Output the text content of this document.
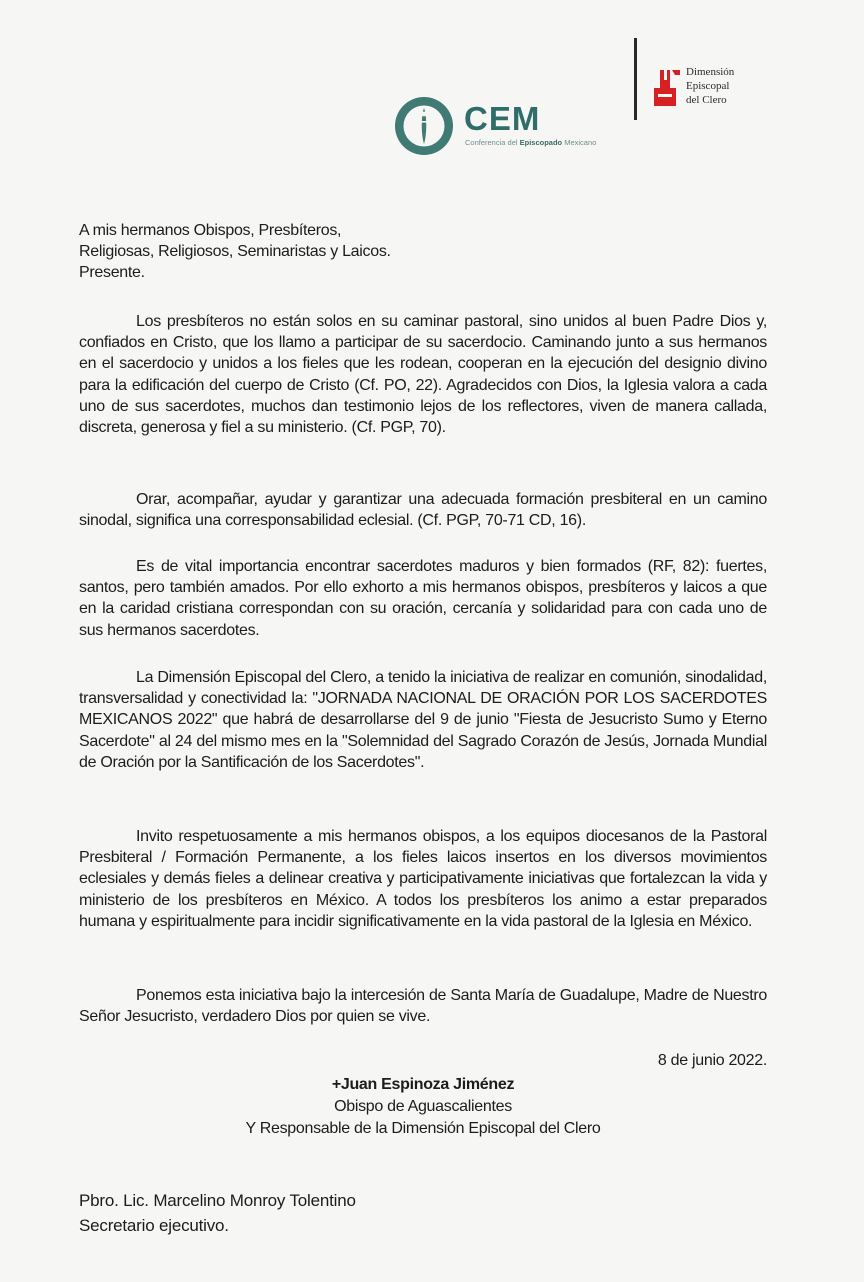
CEM
Conferencia del Episcopado Mexicano
Dimensión
Episcopal
del Clero
A mis hermanos Obispos, Presbíteros,
Religiosas, Religiosos, Seminaristas y Laicos.
Presente.
Los presbíteros no están solos en su caminar pastoral, sino unidos al buen Padre Dios y, confiados en Cristo, que los llamo a participar de su sacerdocio. Caminando junto a sus hermanos en el sacerdocio y unidos a los fieles que les rodean, cooperan en la ejecución del designio divino para la edificación del cuerpo de Cristo (Cf. PO, 22). Agradecidos con Dios, la Iglesia valora a cada uno de sus sacerdotes, muchos dan testimonio lejos de los reflectores, viven de manera callada, discreta, generosa y fiel a su ministerio. (Cf. PGP, 70).
Orar, acompañar, ayudar y garantizar una adecuada formación presbiteral en un camino sinodal, significa una corresponsabilidad eclesial. (Cf. PGP, 70-71 CD, 16).
Es de vital importancia encontrar sacerdotes maduros y bien formados (RF, 82): fuertes, santos, pero también amados. Por ello exhorto a mis hermanos obispos, presbíteros y laicos a que en la caridad cristiana correspondan con su oración, cercanía y solidaridad para con cada uno de sus hermanos sacerdotes.
La Dimensión Episcopal del Clero, a tenido la iniciativa de realizar en comunión, sinodalidad, transversalidad y conectividad la: "JORNADA NACIONAL DE ORACIÓN POR LOS SACERDOTES MEXICANOS 2022" que habrá de desarrollarse del 9 de junio "Fiesta de Jesucristo Sumo y Eterno Sacerdote" al 24 del mismo mes en la "Solemnidad del Sagrado Corazón de Jesús, Jornada Mundial de Oración por la Santificación de los Sacerdotes".
Invito respetuosamente a mis hermanos obispos, a los equipos diocesanos de la Pastoral Presbiteral / Formación Permanente, a los fieles laicos insertos en los diversos movimientos eclesiales y demás fieles a delinear creativa y participativamente iniciativas que fortalezcan la vida y ministerio de los presbíteros en México. A todos los presbíteros los animo a estar preparados humana y espiritualmente para incidir significativamente en la vida pastoral de la Iglesia en México.
Ponemos esta iniciativa bajo la intercesión de Santa María de Guadalupe, Madre de Nuestro Señor Jesucristo, verdadero Dios por quien se vive.
8 de junio 2022.
+Juan Espinoza Jiménez
Obispo de Aguascalientes
Y Responsable de la Dimensión Episcopal del Clero
Pbro. Lic. Marcelino Monroy Tolentino
Secretario ejecutivo.
